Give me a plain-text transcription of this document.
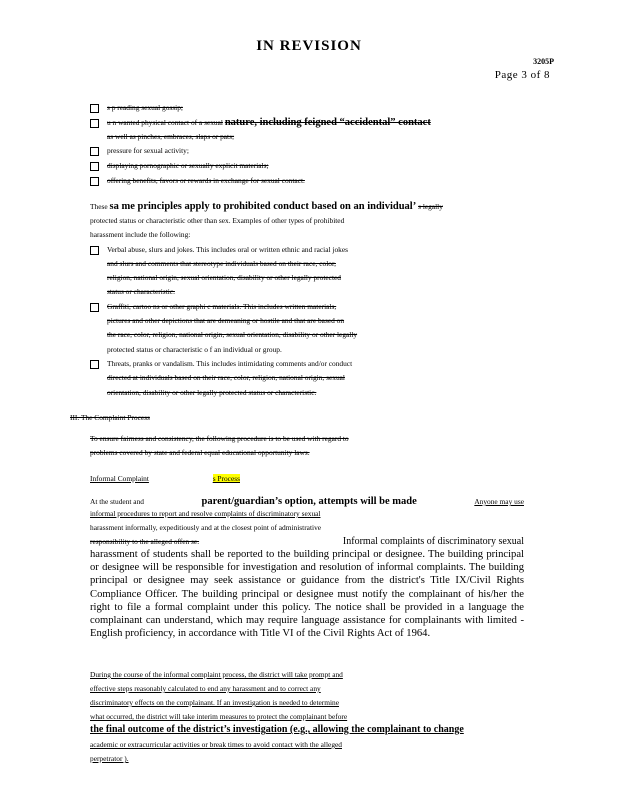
IN REVISION
3205P
Page 3 of 8
s p reading sexual gossip;
u n wanted physical contact of a sexual nature, including feigned “accidental” contact
as well as pinches, embraces, slaps or pats;
pressure for sexual activity;
displaying pornographic or sexually explicit materials;
offering benefits, favors or rewards in exchange for sexual contact.
These sa me principles apply to prohibited conduct based on an individual’ s legally
protected status or characteristic other than sex. Examples of other types of prohibited
harassment include the following:
Verbal abuse, slurs and jokes. This includes oral or written ethnic and racial jokes
and slurs and comments that stereotype individuals based on their race, color,
religion, national origin, sexual orientation, disability or other legally protected
status or characteristic.
Graffiti, cartoo ns or other graphi c materials. This includes written materials,
pictures and other depictions that are demeaning or hostile and that are based on
the race, color, religion, national origin, sexual orientation, disability or other legally
protected status or characteristic o f an individual or group.
Threats, pranks or vandalism. This includes intimidating comments and/or conduct
directed at individuals based on their race, color, religion, national origin, sexual
orientation, disability or other legally protected status or characteristic.
III. The Complaint Process
To ensure fairness and consistency, the following procedure is to be used with regard to
problems covered by state and federal equal educational opportunity laws.
Informal Complaint	s Process
At the student and	parent/guardian’s option, attempts will be made	Anyone may use
informal procedures to report and resolve complaints of discriminatory sexual
harassment informally, expeditiously and at the closest point of administrative
responsibility to the alleged offen se.	Informal complaints of discriminatory sexual
harassment of students shall be reported to the building principal or designee. The building principal or designee will be responsible for investigation and resolution of informal complaints. The building principal or designee may seek assistance or guidance from the district's Title IX/Civil Rights Compliance Officer. The building principal or designee must notify the complainant of his/her the right to file a formal complaint under this policy. The notice shall be provided in a language the complainant can understand, which may require language assistance for complainants with limited -English proficiency, in accordance with Title VI of the Civil Rights Act of 1964.
During the course of the informal complaint process, the district will take prompt and
effective steps reasonably calculated to end any harassment and to correct any
discriminatory effects on the complainant. If an investigation is needed to determine
what occurred, the district will take interim measures to protect the complainant before
the final outcome of the district’s investigation (e.g., allowing the complainant to change
academic or extracurricular activities or break times to avoid contact with the alleged
perpetrator ).
